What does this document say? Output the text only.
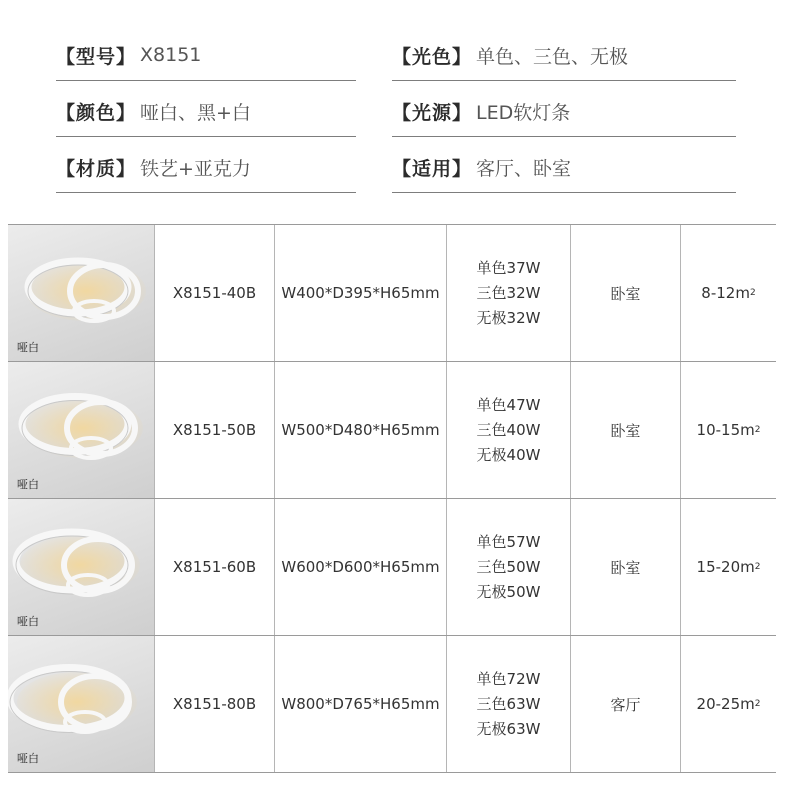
【型号】 X8151	【光色】 单色、三色、无极
【颜色】 哑白、黑+白	【光源】 LED软灯条
【材质】 铁艺+亚克力	【适用】 客厅、卧室
哑白
X8151-40B	W400*D395*H65mm
单色37W
三色32W
无极32W
卧室	8-12m 2
哑白
X8151-50B	W500*D480*H65mm
单色47W
三色40W
无极40W
卧室	10-15m 2
哑白
X8151-60B	W600*D600*H65mm
单色57W
三色50W
无极50W
卧室	15-20m 2
哑白
X8151-80B	W800*D765*H65mm
单色72W
三色63W
无极63W
客厅	20-25m 2
